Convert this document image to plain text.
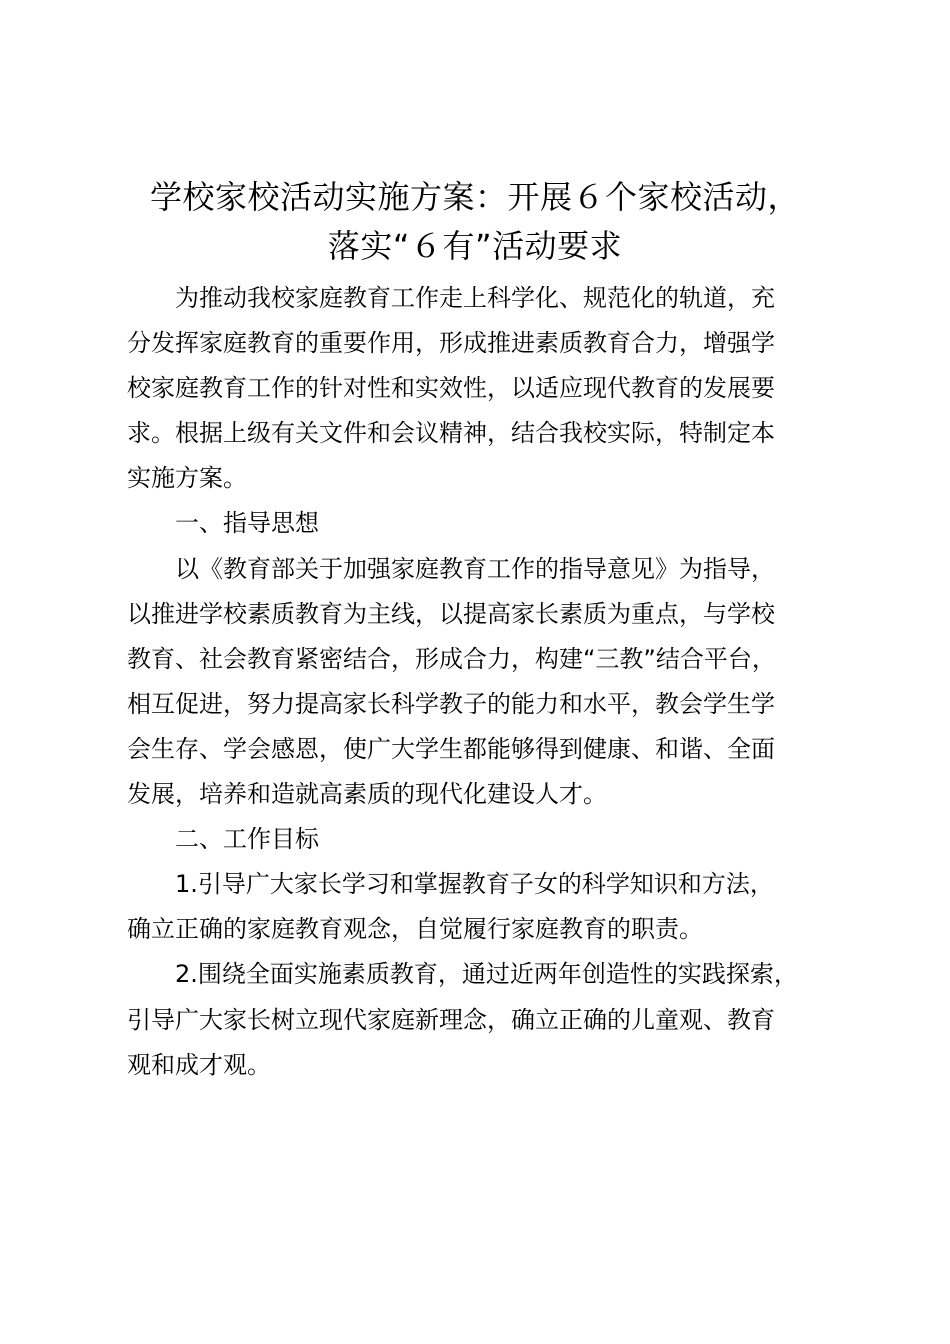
学校家校活动实施方案：开展６个家校活动，
落实“６有”活动要求
为推动我校家庭教育工作走上科学化、规范化的轨道，充
分发挥家庭教育的重要作用，形成推进素质教育合力，增强学
校家庭教育工作的针对性和实效性，以适应现代教育的发展要
求。根据上级有关文件和会议精神，结合我校实际，特制定本
实施方案。
一、指导思想
以《教育部关于加强家庭教育工作的指导意见》为指导，
以推进学校素质教育为主线，以提高家长素质为重点，与学校
教育、社会教育紧密结合，形成合力，构建“三教”结合平台，
相互促进，努力提高家长科学教子的能力和水平，教会学生学
会生存、学会感恩，使广大学生都能够得到健康、和谐、全面
发展，培养和造就高素质的现代化建设人才。
二、工作目标
1.引导广大家长学习和掌握教育子女的科学知识和方法，
确立正确的家庭教育观念，自觉履行家庭教育的职责。
2.围绕全面实施素质教育，通过近两年创造性的实践探索，
引导广大家长树立现代家庭新理念，确立正确的儿童观、教育
观和成才观。
